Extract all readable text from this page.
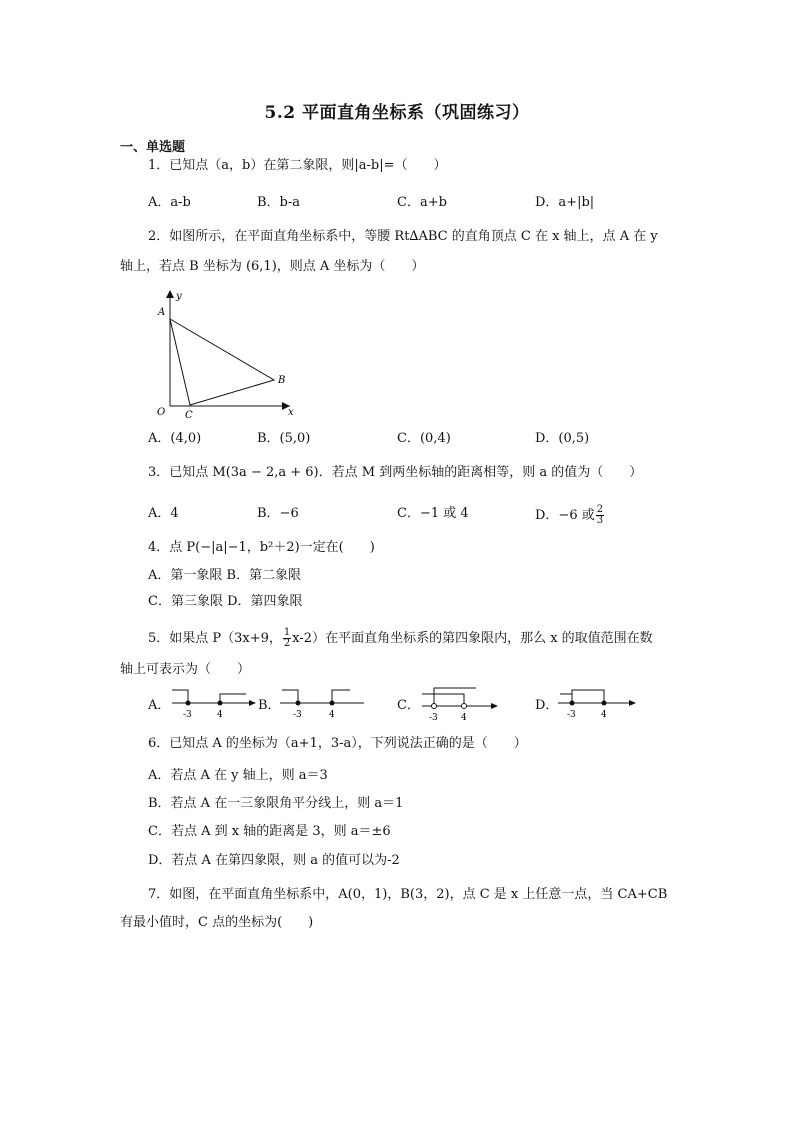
5.2 平面直角坐标系（巩固练习）
一、单选题
1．已知点（a，b）在第二象限，则|a-b|=（　　）
A．a-b	B．b-a	C．a+b	D．a+|b|
2．如图所示，在平面直角坐标系中，等腰 Rt∆ABC 的直角顶点 C 在 x 轴上，点 A 在 y
轴上，若点 B 坐标为 (6,1)，则点 A 坐标为（　　）
y
x
O
A
B
C
A．(4,0)	B．(5,0)	C．(0,4)	D．(0,5)
3．已知点 M(3a − 2,a + 6)．若点 M 到两坐标轴的距离相等，则 a 的值为（　　）
A．4	B．−6	C．−1 或 4	D．−6 或 $\frac{2}{3}$
4．点 P(−|a|−1，b²＋2)一定在(　　)
A．第一象限 B．第二象限
C．第三象限 D．第四象限
5．如果点 P（3x+9， $\frac{1}{2} x-2$）在平面直角坐标系的第四象限内，那么 x 的取值范围在数
轴上可表示为（　　）
A．
-3	4
B．
-3	4
C．
-3	4
D．
-3	4
6．已知点 A 的坐标为（a+1，3-a），下列说法正确的是（　　）
A．若点 A 在 y 轴上，则 a＝3
B．若点 A 在一三象限角平分线上，则 a＝1
C．若点 A 到 x 轴的距离是 3，则 a＝±6
D．若点 A 在第四象限，则 a 的值可以为-2
7．如图，在平面直角坐标系中，A(0，1)，B(3，2)，点 C 是 x 上任意一点，当 CA+CB
有最小值时，C 点的坐标为(　　)
